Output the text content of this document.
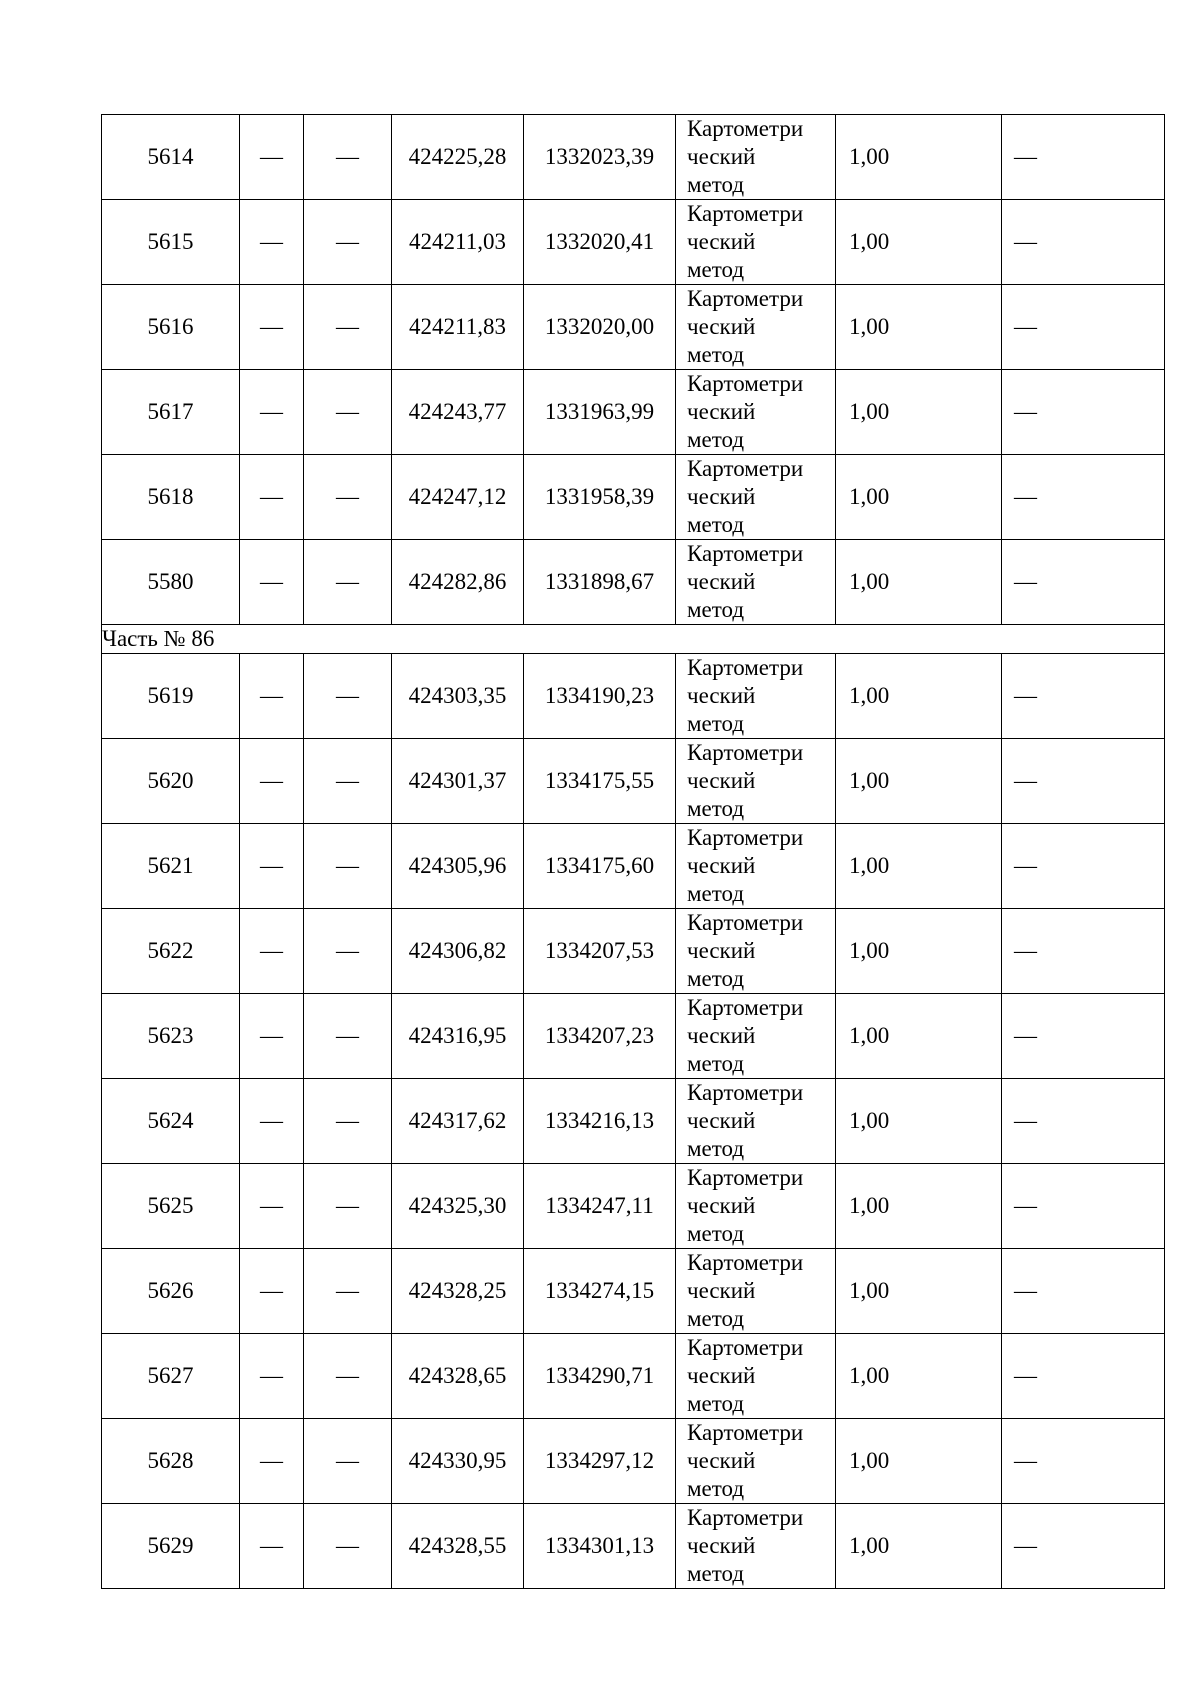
5614	—	—	424225,28	1332023,39	Картометри
ческий
метод	1,00	—
5615	—	—	424211,03	1332020,41	Картометри
ческий
метод	1,00	—
5616	—	—	424211,83	1332020,00	Картометри
ческий
метод	1,00	—
5617	—	—	424243,77	1331963,99	Картометри
ческий
метод	1,00	—
5618	—	—	424247,12	1331958,39	Картометри
ческий
метод	1,00	—
5580	—	—	424282,86	1331898,67	Картометри
ческий
метод	1,00	—
Часть № 86							
5619	—	—	424303,35	1334190,23	Картометри
ческий
метод	1,00	—
5620	—	—	424301,37	1334175,55	Картометри
ческий
метод	1,00	—
5621	—	—	424305,96	1334175,60	Картометри
ческий
метод	1,00	—
5622	—	—	424306,82	1334207,53	Картометри
ческий
метод	1,00	—
5623	—	—	424316,95	1334207,23	Картометри
ческий
метод	1,00	—
5624	—	—	424317,62	1334216,13	Картометри
ческий
метод	1,00	—
5625	—	—	424325,30	1334247,11	Картометри
ческий
метод	1,00	—
5626	—	—	424328,25	1334274,15	Картометри
ческий
метод	1,00	—
5627	—	—	424328,65	1334290,71	Картометри
ческий
метод	1,00	—
5628	—	—	424330,95	1334297,12	Картометри
ческий
метод	1,00	—
5629	—	—	424328,55	1334301,13	Картометри
ческий
метод	1,00	—
